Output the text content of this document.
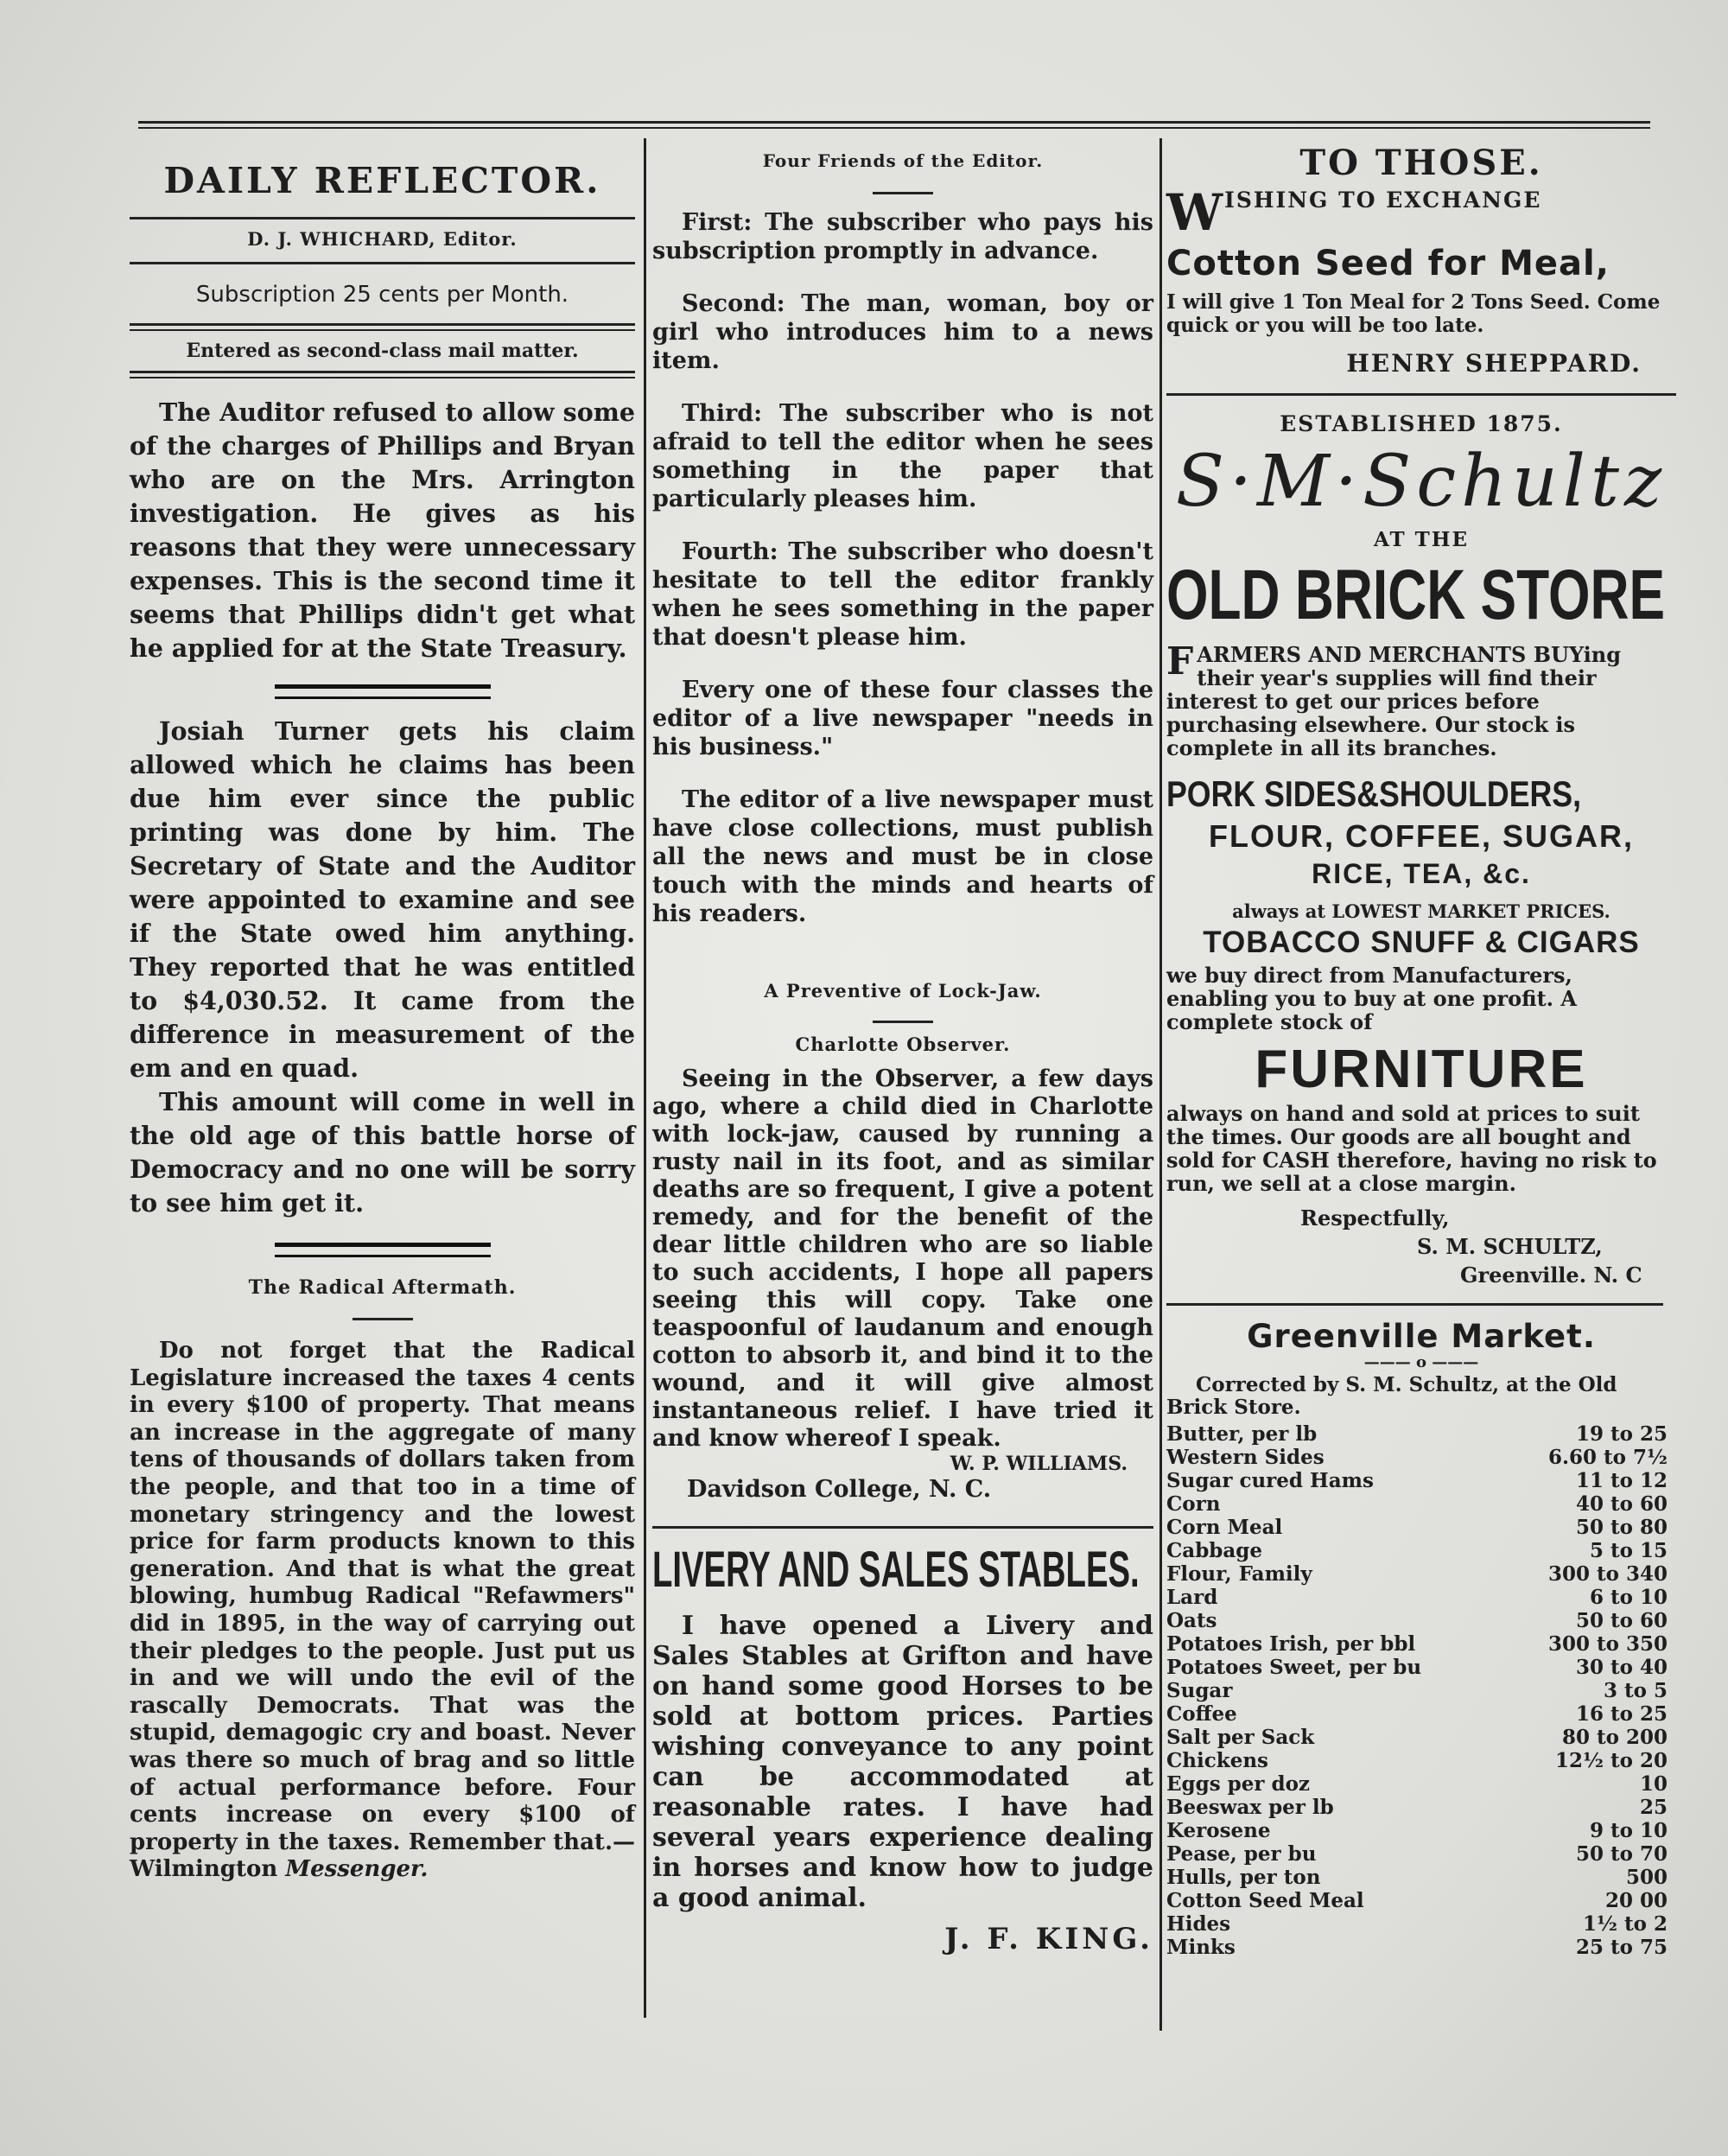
DAILY REFLECTOR.
D. J. WHICHARD, Editor.
Subscription 25 cents per Month.
Entered as second-class mail matter.

The Auditor refused to allow some of the charges of Phillips and Bryan who are on the Mrs. Arrington investigation. He gives as his reasons that they were unnecessary expenses. This is the second time it seems that Phillips didn't get what he applied for at the State Treasury.

Josiah Turner gets his claim allowed which he claims has been due him ever since the public printing was done by him. The Secretary of State and the Auditor were appointed to examine and see if the State owed him anything. They reported that he was entitled to $4,030.52. It came from the difference in measurement of the em and en quad.

This amount will come in well in the old age of this battle horse of Democracy and no one will be sorry to see him get it.

The Radical Aftermath.

Do not forget that the Radical Legislature increased the taxes 4 cents in every $100 of property. That means an increase in the aggregate of many tens of thousands of dollars taken from the people, and that too in a time of monetary stringency and the lowest price for farm products known to this generation. And that is what the great blowing, humbug Radical "Refawmers" did in 1895, in the way of carrying out their pledges to the people. Just put us in and we will undo the evil of the rascally Democrats. That was the stupid, demagogic cry and boast. Never was there so much of brag and so little of actual performance before. Four cents increase on every $100 of property in the taxes. Remember that.—Wilmington Messenger.

Four Friends of the Editor.

First: The subscriber who pays his subscription promptly in advance.

Second: The man, woman, boy or girl who introduces him to a news item.

Third: The subscriber who is not afraid to tell the editor when he sees something in the paper that particularly pleases him.

Fourth: The subscriber who doesn't hesitate to tell the editor frankly when he sees something in the paper that doesn't please him.

Every one of these four classes the editor of a live newspaper "needs in his business."

The editor of a live newspaper must have close collections, must publish all the news and must be in close touch with the minds and hearts of his readers.

A Preventive of Lock-Jaw.
Charlotte Observer.

Seeing in the Observer, a few days ago, where a child died in Charlotte with lock-jaw, caused by running a rusty nail in its foot, and as similar deaths are so frequent, I give a potent remedy, and for the benefit of the dear little children who are so liable to such accidents, I hope all papers seeing this will copy. Take one teaspoonful of laudanum and enough cotton to absorb it, and bind it to the wound, and it will give almost instantaneous relief. I have tried it and know whereof I speak.

W. P. WILLIAMS.
Davidson College, N. C.
LIVERY AND SALES STABLES.

I have opened a Livery and Sales Stables at Grifton and have on hand some good Horses to be sold at bottom prices. Parties wishing conveyance to any point can be accommodated at reasonable rates. I have had several years experience dealing in horses and know how to judge a good animal.

J. F. KING.
TO THOSE.
WISHING TO EXCHANGE
Cotton Seed for Meal,

I will give 1 Ton Meal for 2 Tons Seed. Come quick or you will be too late.

HENRY SHEPPARD.
ESTABLISHED 1875.
S·M·Schultz
AT THE
OLD BRICK STORE
FARMERS AND MERCHANTS BUYing their year's supplies will find their interest to get our prices before purchasing elsewhere. Our stock is complete in all its branches.
PORK SIDES&SHOULDERS,
FLOUR, COFFEE, SUGAR,
RICE, TEA, &c.
always at LOWEST MARKET PRICES.
TOBACCO SNUFF & CIGARS

we buy direct from Manufacturers, enabling you to buy at one profit. A complete stock of

FURNITURE

always on hand and sold at prices to suit the times. Our goods are all bought and sold for CASH therefore, having no risk to run, we sell at a close margin.

Respectfully,
S. M. SCHULTZ,
Greenville. N. C
Greenville Market.
——— o ———

Corrected by S. M. Schultz, at the Old Brick Store.

Butter, per lb	19 to 25
Western Sides	6.60 to 7½
Sugar cured Hams	11 to 12
Corn	40 to 60
Corn Meal	50 to 80
Cabbage	5 to 15
Flour, Family	300 to 340
Lard	6 to 10
Oats	50 to 60
Potatoes Irish, per bbl	300 to 350
Potatoes Sweet, per bu	30 to 40
Sugar	3 to 5
Coffee	16 to 25
Salt per Sack	80 to 200
Chickens	12½ to 20
Eggs per doz	10
Beeswax per lb	25
Kerosene	9 to 10
Pease, per bu	50 to 70
Hulls, per ton	500
Cotton Seed Meal	20 00
Hides	1½ to 2
Minks	25 to 75
